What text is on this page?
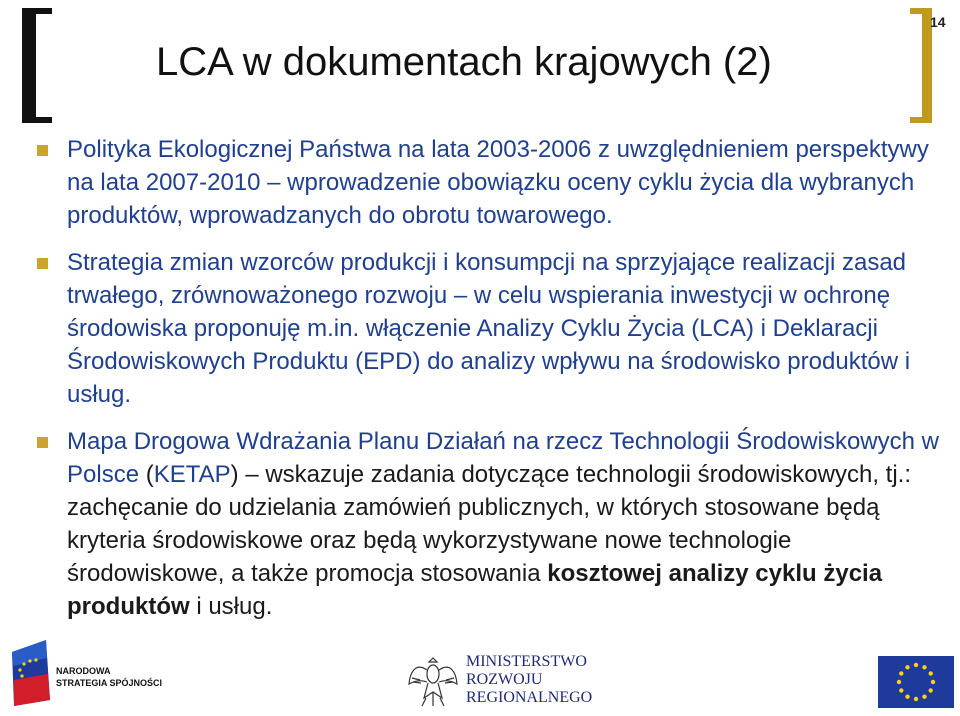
14
LCA w dokumentach krajowych (2)
Polityka Ekologicznej Państwa na lata 2003-2006 z uwzględnieniem perspektywy na lata 2007-2010 – wprowadzenie obowiązku oceny cyklu życia dla wybranych produktów, wprowadzanych do obrotu towarowego.
Strategia zmian wzorców produkcji i konsumpcji na sprzyjające realizacji zasad trwałego, zrównoważonego rozwoju – w celu wspierania inwestycji w ochronę środowiska proponuję m.in. włączenie Analizy Cyklu Życia (LCA) i Deklaracji Środowiskowych Produktu (EPD) do analizy wpływu na środowisko produktów i usług.
Mapa Drogowa Wdrażania Planu Działań na rzecz Technologii Środowiskowych w Polsce (KETAP) – wskazuje zadania dotyczące technologii środowiskowych, tj.: zachęcanie do udzielania zamówień publicznych, w których stosowane będą kryteria środowiskowe oraz będą wykorzystywane nowe technologie środowiskowe, a także promocja stosowania kosztowej analizy cyklu życia produktów i usług.
NARODOWA
STRATEGIA SPÓJNOŚCI
MINISTERSTWO
ROZWOJU
REGIONALNEGO
